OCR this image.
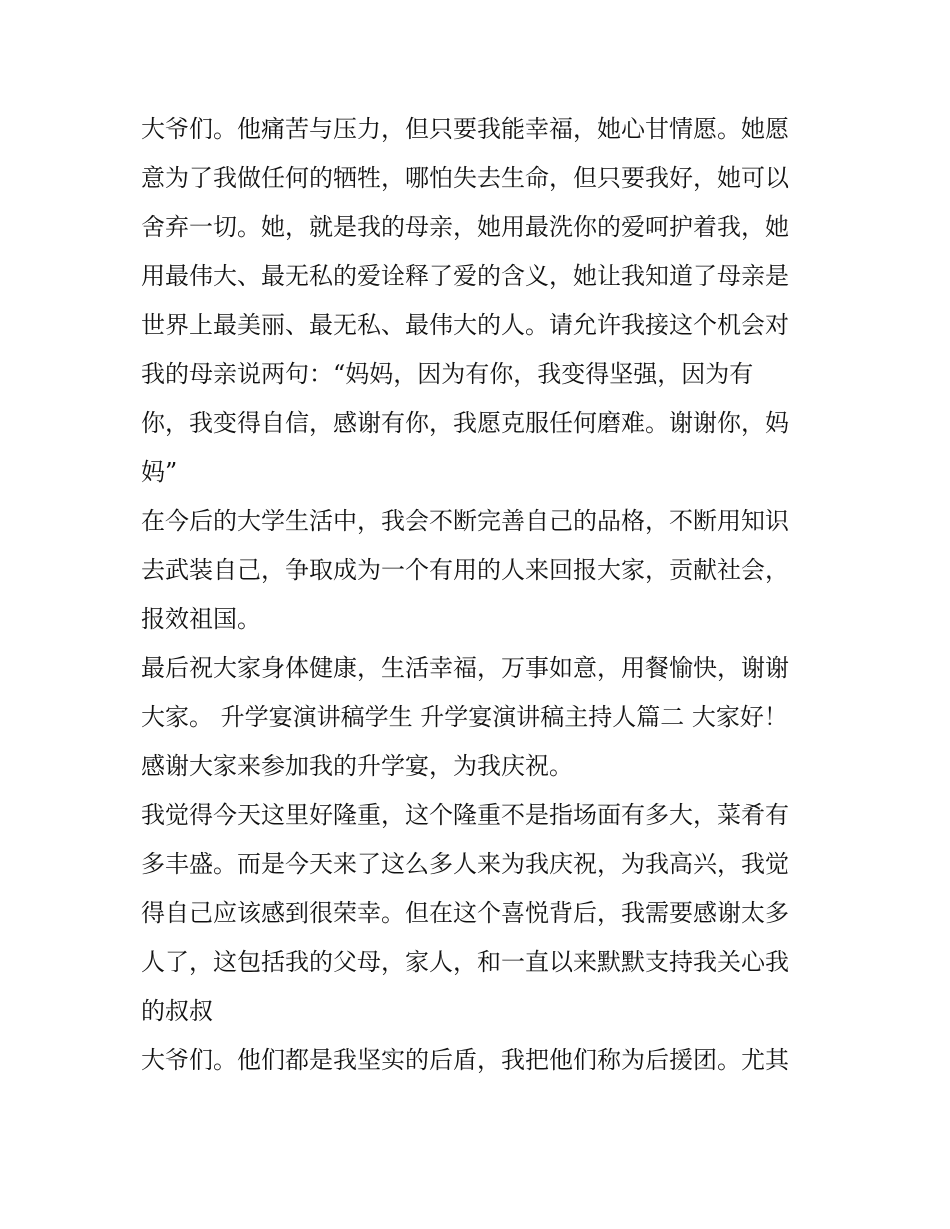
大爷们。他痛苦与压力，但只要我能幸福，她心甘情愿。她愿
意为了我做任何的牺牲，哪怕失去生命，但只要我好，她可以
舍弃一切。她，就是我的母亲，她用最洗你的爱呵护着我，她
用最伟大、最无私的爱诠释了爱的含义，她让我知道了母亲是
世界上最美丽、最无私、最伟大的人。请允许我接这个机会对
我的母亲说两句：“妈妈，因为有你，我变得坚强，因为有
你，我变得自信，感谢有你，我愿克服任何磨难。谢谢你，妈
妈”
在今后的大学生活中，我会不断完善自己的品格，不断用知识
去武装自己，争取成为一个有用的人来回报大家，贡献社会，
报效祖国。
最后祝大家身体健康，生活幸福，万事如意，用餐愉快，谢谢
大家。 升学宴演讲稿学生 升学宴演讲稿主持人篇二 大家好！
感谢大家来参加我的升学宴，为我庆祝。
我觉得今天这里好隆重，这个隆重不是指场面有多大，菜肴有
多丰盛。而是今天来了这么多人来为我庆祝，为我高兴，我觉
得自己应该感到很荣幸。但在这个喜悦背后，我需要感谢太多
人了，这包括我的父母，家人，和一直以来默默支持我关心我
的叔叔
大爷们。他们都是我坚实的后盾，我把他们称为后援团。尤其
